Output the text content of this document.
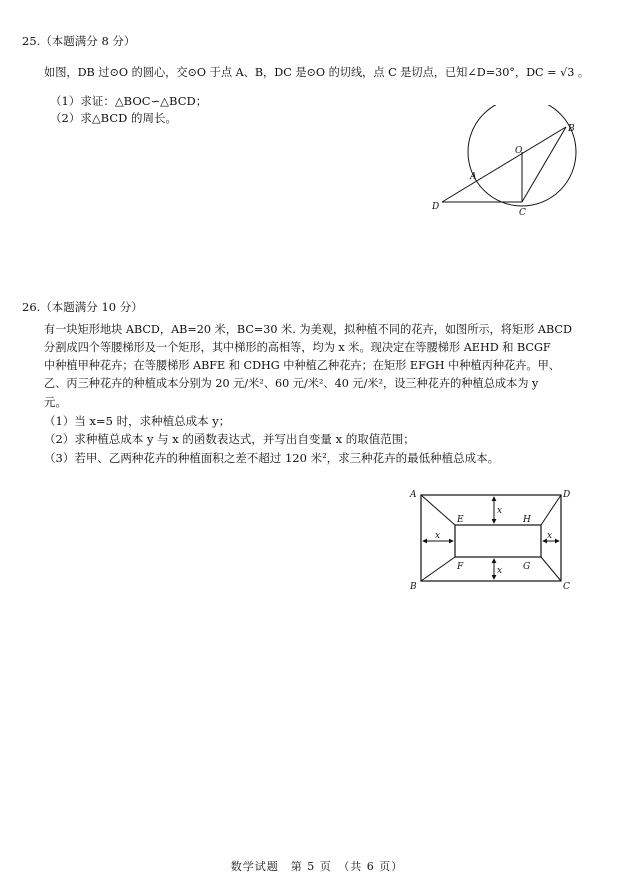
25.（本题满分 8 分）
如图，DB 过⊙O 的圆心，交⊙O 于点 A、B，DC 是⊙O 的切线，点 C 是切点，已知∠D=30°，DC = √3 。
（1）求证：△BOC∽△BCD；
（2）求△BCD 的周长。
D
A
O
B
C
26.（本题满分 10 分）
有一块矩形地块 ABCD，AB=20 米，BC=30 米. 为美观，拟种植不同的花卉，如图所示，将矩形 ABCD
分割成四个等腰梯形及一个矩形，其中梯形的高相等，均为 x 米。现决定在等腰梯形 AEHD 和 BCGF
中种植甲种花卉；在等腰梯形 ABFE 和 CDHG 中种植乙种花卉；在矩形 EFGH 中种植丙种花卉。甲、
乙、丙三种花卉的种植成本分别为 20 元/米²、60 元/米²、40 元/米²，设三种花卉的种植总成本为 y
元。
（1）当 x=5 时，求种植总成本 y；
（2）求种植总成本 y 与 x 的函数表达式，并写出自变量 x 的取值范围；
（3）若甲、乙两种花卉的种植面积之差不超过 120 米²，求三种花卉的最低种植总成本。
A	D
B	C
E	H
F	G
x
x
x	x
数学试题　第 5 页　（共 6 页）
